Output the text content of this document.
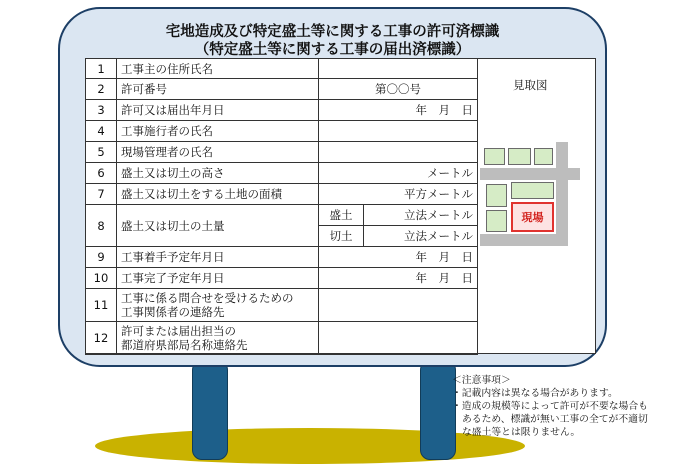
宅地造成及び特定盛土等に関する工事の許可済標識
（特定盛土等に関する工事の届出済標識）
1	工事主の住所氏名		
2	許可番号	第〇〇号	
3	許可又は届出年月日	年　月　日	
4	工事施行者の氏名		
5	現場管理者の氏名		
6	盛土又は切土の高さ	メートル	
7	盛土又は切土をする土地の面積	平方メートル	
8	盛土又は切土の土量	盛土	立法メートル
		切土	立法メートル
9	工事着手予定年月日	年　月　日	
10	工事完了予定年月日	年　月　日	
11	工事に係る問合せを受けるための
工事関係者の連絡先		

12	許可または届出担当の
都道府県部局名称連絡先		

見取図
現場
＜注意事項＞
・記載内容は異なる場合があります。
・造成の規模等によって許可が不要な場合も
あるため、標識が無い工事の全てが不適切
な盛土等とは限りません。
